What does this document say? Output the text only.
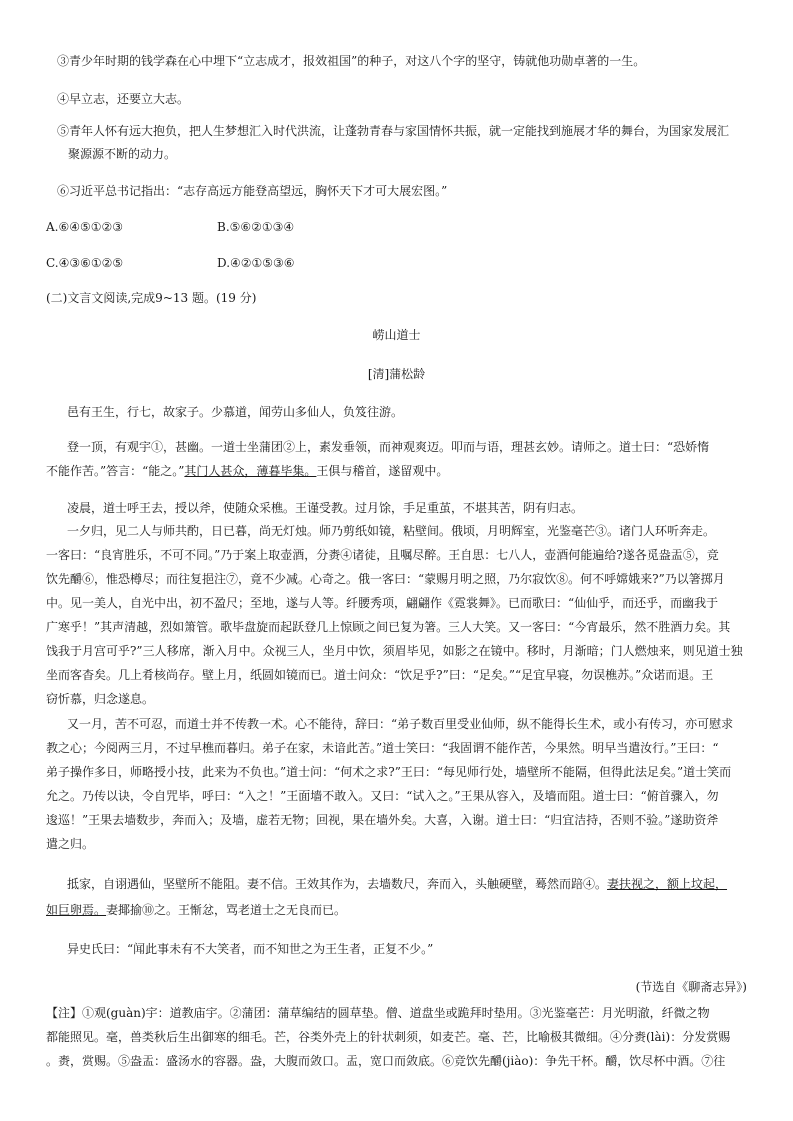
③青少年时期的钱学森在心中埋下“立志成才，报效祖国”的种子，对这八个字的坚守，铸就他功勋卓著的一生。
④早立志，还要立大志。
⑤青年人怀有远大抱负，把人生梦想汇入时代洪流，让蓬勃青春与家国情怀共振，就一定能找到施展才华的舞台，为国家发展汇
聚源源不断的动力。
⑥习近平总书记指出：“志存高远方能登高望远，胸怀天下才可大展宏图。”
A.⑥④⑤①②③	B.⑤⑥②①③④
C.④③⑥①②⑤	D.④②①⑤③⑥
(二)文言文阅读,完成9~13 题。(19 分)
崂山道士
[清]蒲松龄
邑有王生，行七，故家子。少慕道，闻劳山多仙人，负笈往游。
登一顶，有观宇①，甚幽。一道士坐蒲团②上，素发垂领，而神观爽迈。叩而与语，理甚玄妙。请师之。道士曰：“恐娇惰
不能作苦。”答言：“能之。”其门人甚众，薄暮毕集。王俱与稽首，遂留观中。
凌晨，道士呼王去，授以斧，使随众采樵。王谨受教。过月馀，手足重茧，不堪其苦，阴有归志。
一夕归，见二人与师共酌，日已暮，尚无灯烛。师乃剪纸如镜，粘壁间。俄顷，月明辉室，光鉴毫芒③。诸门人环听奔走。
一客曰：“良宵胜乐，不可不同。”乃于案上取壶酒，分赉④诸徒，且嘱尽醉。王自思：七八人，壶酒何能遍给?遂各觅盎盂⑤，竞
饮先釂⑥，惟恐樽尽；而往复挹注⑦，竟不少减。心奇之。俄一客曰：“蒙赐月明之照，乃尔寂饮⑧。何不呼嫦娥来?”乃以箸掷月
中。见一美人，自光中出，初不盈尺；至地，遂与人等。纤腰秀项，翩翩作《霓裳舞》。已而歌曰：“仙仙乎，而还乎，而幽我于
广寒乎！”其声清越，烈如箫管。歌毕盘旋而起跃登几上惊顾之间已复为箸。三人大笑。又一客曰：“今宵最乐，然不胜酒力矣。其
饯我于月宫可乎?”三人移席，渐入月中。众视三人，坐月中饮，须眉毕见，如影之在镜中。移时，月渐暗；门人燃烛来，则见道士独
坐而客杳矣。几上肴核尚存。壁上月，纸圆如镜而已。道士问众：“饮足乎?”曰：“足矣。”“足宜早寝，勿误樵苏。”众诺而退。王
窃忻慕，归念遂息。
又一月，苦不可忍，而道士并不传教一术。心不能待，辞曰：“弟子数百里受业仙师，纵不能得长生术，或小有传习，亦可慰求
教之心；今阅两三月，不过早樵而暮归。弟子在家，未谙此苦。”道士笑曰：“我固谓不能作苦，今果然。明早当遣汝行。”王曰：“
弟子操作多日，师略授小技，此来为不负也。”道士问：“何术之求?”王曰：“每见师行处，墙壁所不能隔，但得此法足矣。”道士笑而
允之。乃传以诀，令自咒毕，呼曰：“入之！”王面墙不敢入。又曰：“试入之。”王果从容入，及墙而阻。道士曰：“俯首骤入，勿
逡巡！”王果去墙数步，奔而入；及墙，虚若无物；回视，果在墙外矣。大喜，入谢。道士曰：“归宜洁持，否则不验。”遂助资斧
遣之归。
抵家，自诩遇仙，坚壁所不能阻。妻不信。王效其作为，去墙数尺，奔而入，头触硬壁，蓦然而踣④。妻扶视之，额上坟起，
如巨卵焉。妻揶揄⑩之。王惭忿，骂老道士之无良而已。
异史氏曰：“闻此事未有不大笑者，而不知世之为王生者，正复不少。”
(节选自《聊斋志异》)
【注】①观(guàn)宇：道教庙宇。②蒲团：蒲草编结的圆草垫。僧、道盘坐或跪拜时垫用。③光鉴毫芒：月光明澈，纤微之物
都能照见。毫，兽类秋后生出御寒的细毛。芒，谷类外壳上的针状刺须，如麦芒。毫、芒，比喻极其微细。④分赉(lài)：分发赏赐
。赉，赏赐。⑤盎盂：盛汤水的容器。盎，大腹而敛口。盂，宽口而敛底。⑥竞饮先釂(jiào)：争先干杯。釂，饮尽杯中酒。⑦往
